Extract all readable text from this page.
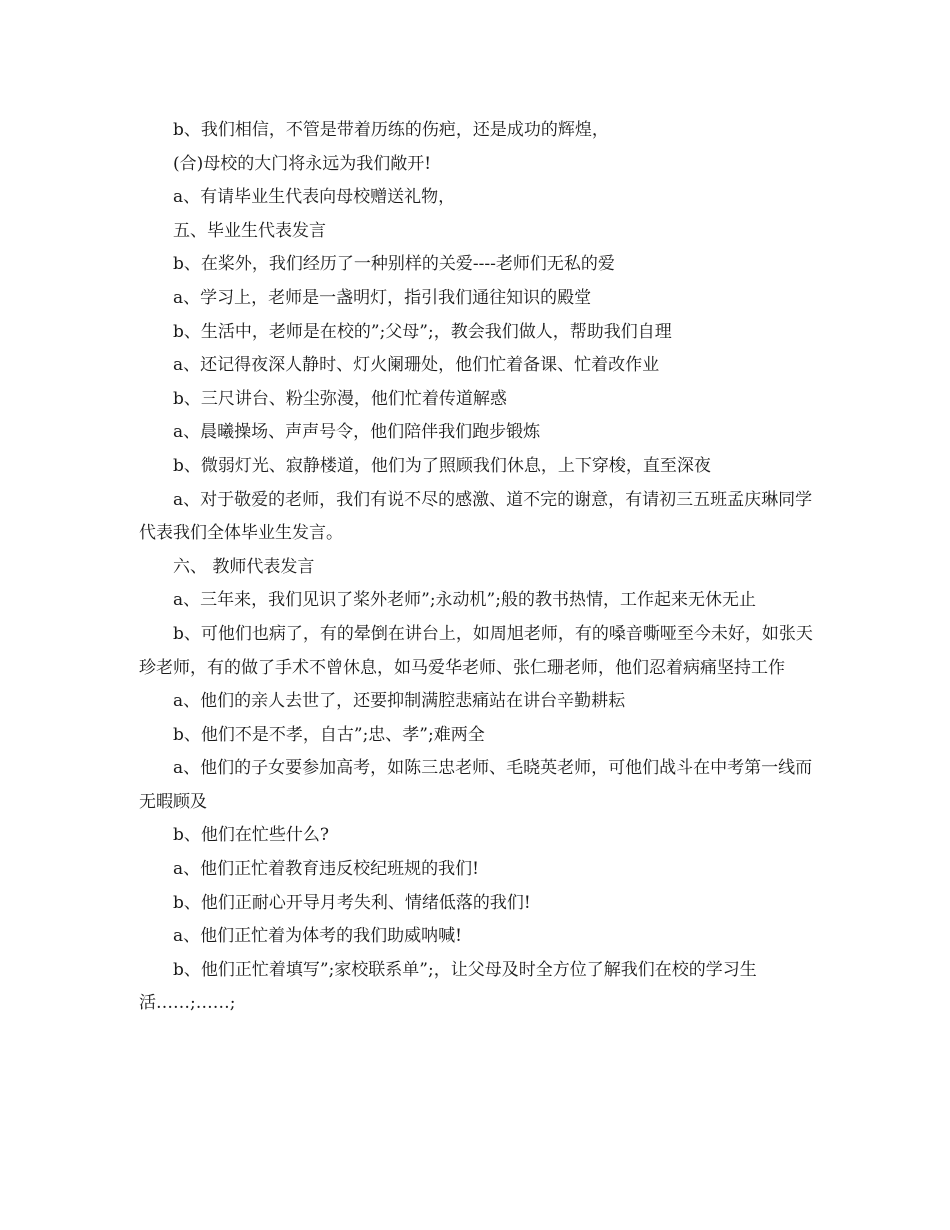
b、我们相信，不管是带着历练的伤疤，还是成功的辉煌，

(合)母校的大门将永远为我们敞开!

a、有请毕业生代表向母校赠送礼物，

五、毕业生代表发言

b、在桨外，我们经历了一种别样的关爱----老师们无私的爱

a、学习上，老师是一盏明灯，指引我们通往知识的殿堂

b、生活中，老师是在校的”;父母”;，教会我们做人，帮助我们自理

a、还记得夜深人静时、灯火阑珊处，他们忙着备课、忙着改作业

b、三尺讲台、粉尘弥漫，他们忙着传道解惑

a、晨曦操场、声声号令，他们陪伴我们跑步锻炼

b、微弱灯光、寂静楼道，他们为了照顾我们休息，上下穿梭，直至深夜

a、对于敬爱的老师，我们有说不尽的感激、道不完的谢意，有请初三五班孟庆琳同学代表我们全体毕业生发言。

六、 教师代表发言

a、三年来，我们见识了桨外老师”;永动机”;般的教书热情，工作起来无休无止

b、可他们也病了，有的晕倒在讲台上，如周旭老师，有的嗓音嘶哑至今未好，如张天珍老师，有的做了手术不曾休息，如马爱华老师、张仁珊老师，他们忍着病痛坚持工作

a、他们的亲人去世了，还要抑制满腔悲痛站在讲台辛勤耕耘

b、他们不是不孝，自古”;忠、孝”;难两全

a、他们的子女要参加高考，如陈三忠老师、毛晓英老师，可他们战斗在中考第一线而无暇顾及

b、他们在忙些什么?

a、他们正忙着教育违反校纪班规的我们!

b、他们正耐心开导月考失利、情绪低落的我们!

a、他们正忙着为体考的我们助威呐喊!

b、他们正忙着填写”;家校联系单”;，让父母及时全方位了解我们在校的学习生活……;……;
